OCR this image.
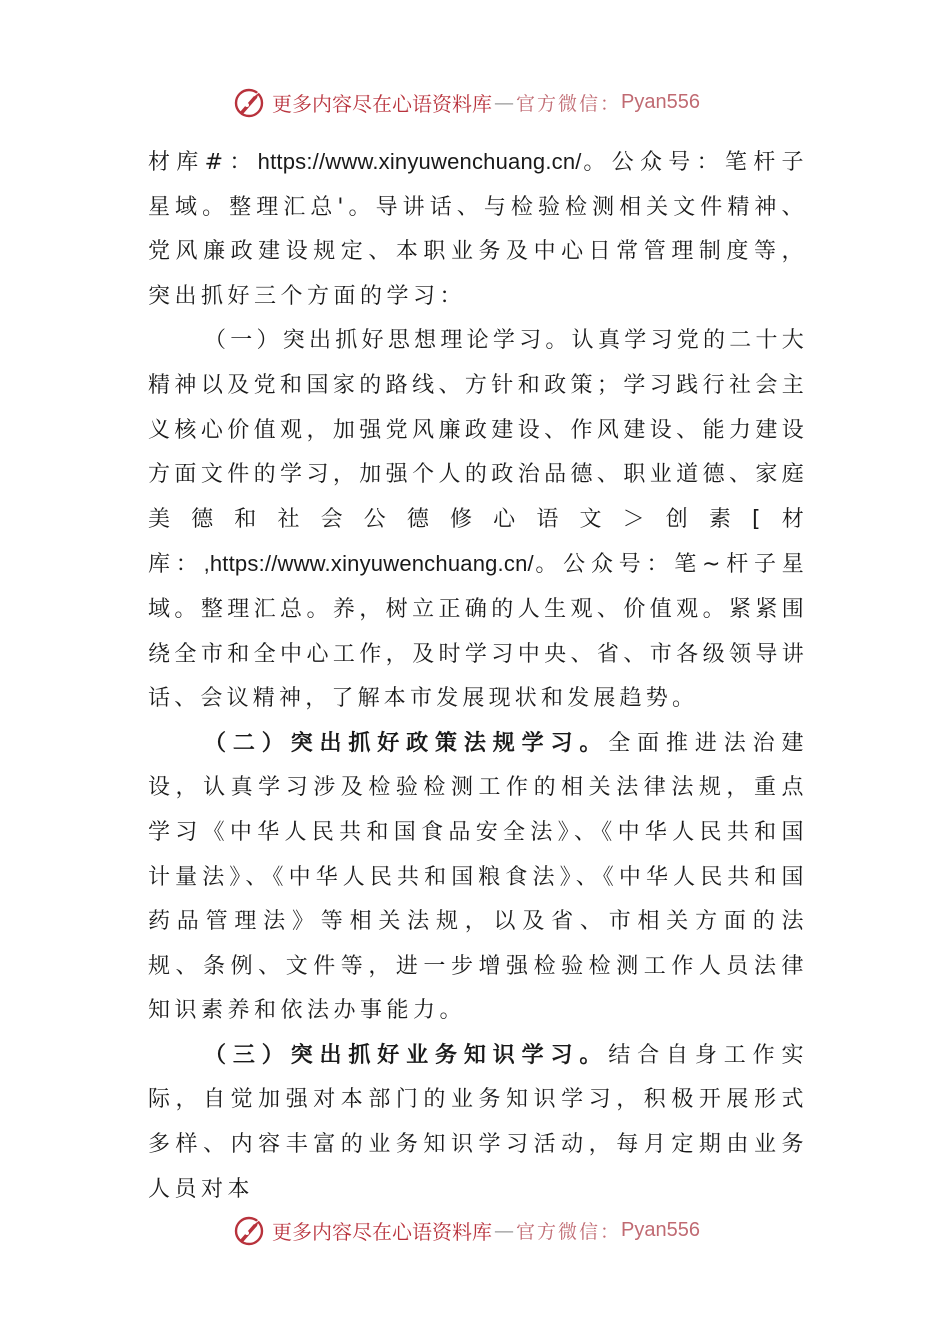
更多内容尽在心语资料库 — 官方微信： Pyan556

材库#：https://www.xinyuwenchuang.cn/。公众号：笔杆子星域。整理汇总'。导讲话、与检验检测相关文件精神、党风廉政建设规定、本职业务及中心日常管理制度等，突出抓好三个方面的学习：

（一）突出抓好思想理论学习。认真学习党的二十大精神以及党和国家的路线、方针和政策；学习践行社会主义核心价值观，加强党风廉政建设、作风建设、能力建设方面文件的学习，加强个人的政治品德、职业道德、家庭美德和社会公德修心语文＞创素[材库：,https://www.xinyuwenchuang.cn/。公众号：笔~杆子星域。整理汇总。养，树立正确的人生观、价值观。紧紧围绕全市和全中心工作，及时学习中央、省、市各级领导讲话、会议精神，了解本市发展现状和发展趋势。

（二）突出抓好政策法规学习。全面推进法治建设，认真学习涉及检验检测工作的相关法律法规，重点学习《中华人民共和国食品安全法》、《中华人民共和国计量法》、《中华人民共和国粮食法》、《中华人民共和国药品管理法》等相关法规，以及省、市相关方面的法规、条例、文件等，进一步增强检验检测工作人员法律知识素养和依法办事能力。

（三）突出抓好业务知识学习。结合自身工作实际，自觉加强对本部门的业务知识学习，积极开展形式多样、内容丰富的业务知识学习活动，每月定期由业务人员对本

更多内容尽在心语资料库 — 官方微信： Pyan556
